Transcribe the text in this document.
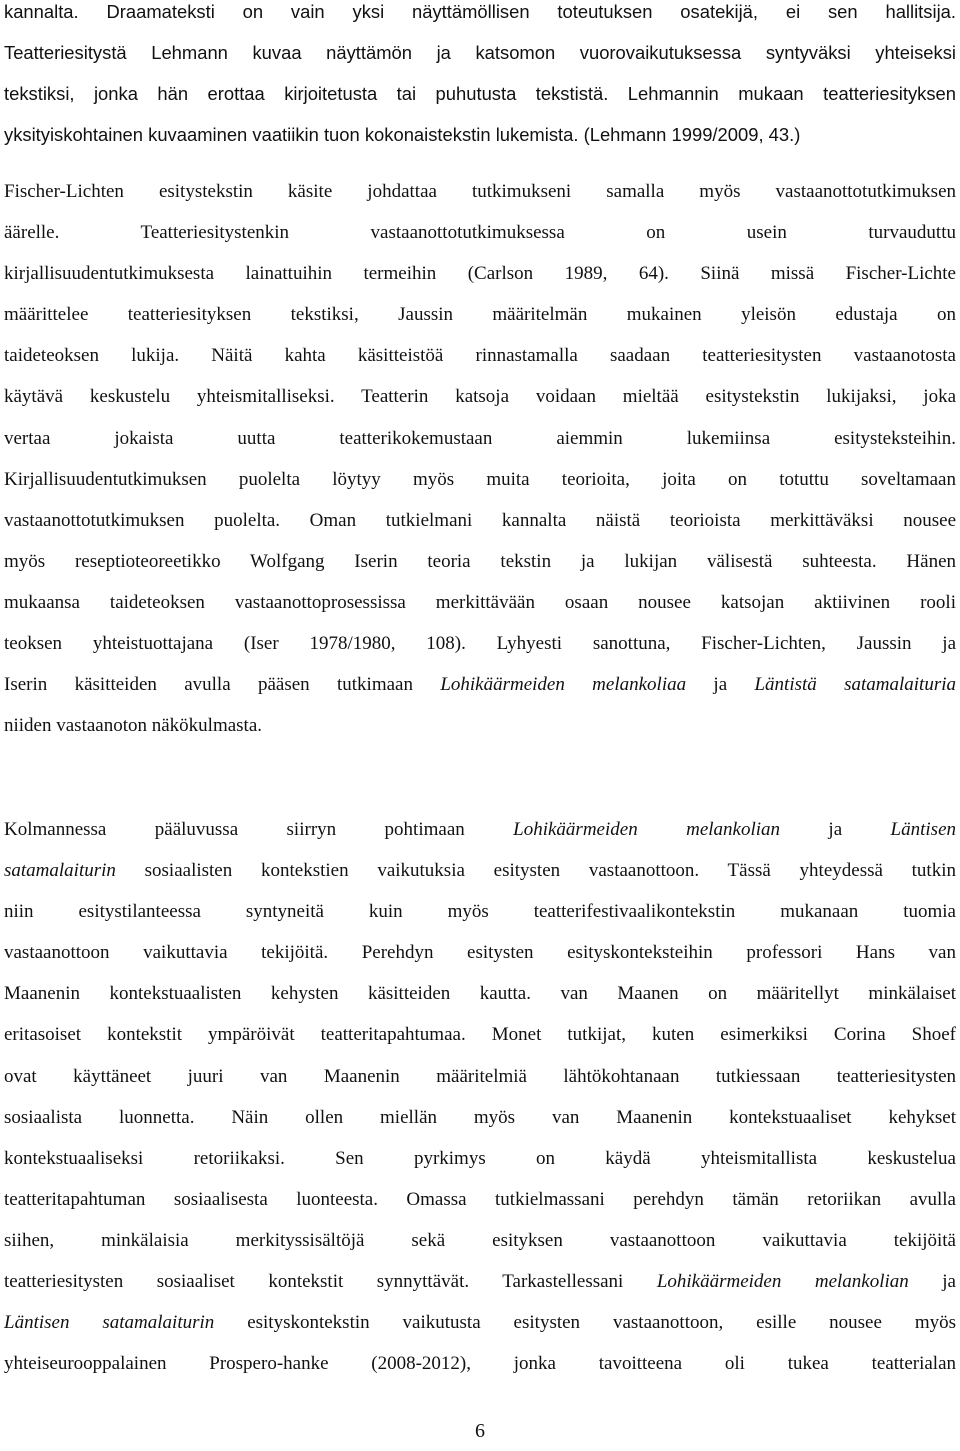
kannalta. Draamateksti on vain yksi näyttämöllisen toteutuksen osatekijä, ei sen hallitsija.
Teatteriesitystä Lehmann kuvaa näyttämön ja katsomon vuorovaikutuksessa syntyväksi yhteiseksi
tekstiksi, jonka hän erottaa kirjoitetusta tai puhutusta tekstistä. Lehmannin mukaan teatteriesityksen
yksityiskohtainen kuvaaminen vaatiikin tuon kokonaistekstin lukemista. (Lehmann 1999/2009, 43.)

Fischer-Lichten esitystekstin käsite johdattaa tutkimukseni samalla myös vastaanottotutkimuksen
äärelle. Teatteriesitystenkin vastaanottotutkimuksessa on usein turvauduttu
kirjallisuudentutkimuksesta lainattuihin termeihin (Carlson 1989, 64). Siinä missä Fischer-Lichte
määrittelee teatteriesityksen tekstiksi, Jaussin määritelmän mukainen yleisön edustaja on
taideteoksen lukija. Näitä kahta käsitteistöä rinnastamalla saadaan teatteriesitysten vastaanotosta
käytävä keskustelu yhteismitalliseksi. Teatterin katsoja voidaan mieltää esitystekstin lukijaksi, joka
vertaa jokaista uutta teatterikokemustaan aiemmin lukemiinsa esitysteksteihin.
Kirjallisuudentutkimuksen puolelta löytyy myös muita teorioita, joita on totuttu soveltamaan
vastaanottotutkimuksen puolelta. Oman tutkielmani kannalta näistä teorioista merkittäväksi nousee
myös reseptioteoreetikko Wolfgang Iserin teoria tekstin ja lukijan välisestä suhteesta. Hänen
mukaansa taideteoksen vastaanottoprosessissa merkittävään osaan nousee katsojan aktiivinen rooli
teoksen yhteistuottajana (Iser 1978/1980, 108). Lyhyesti sanottuna, Fischer-Lichten, Jaussin ja
Iserin käsitteiden avulla pääsen tutkimaan Lohikäärmeiden melankoliaa ja Läntistä satamalaituria
niiden vastaanoton näkökulmasta.

Kolmannessa pääluvussa siirryn pohtimaan Lohikäärmeiden melankolian ja Läntisen
satamalaiturin sosiaalisten kontekstien vaikutuksia esitysten vastaanottoon. Tässä yhteydessä tutkin
niin esitystilanteessa syntyneitä kuin myös teatterifestivaalikontekstin mukanaan tuomia
vastaanottoon vaikuttavia tekijöitä. Perehdyn esitysten esityskonteksteihin professori Hans van
Maanenin kontekstuaalisten kehysten käsitteiden kautta. van Maanen on määritellyt minkälaiset
eritasoiset kontekstit ympäröivät teatteritapahtumaa. Monet tutkijat, kuten esimerkiksi Corina Shoef
ovat käyttäneet juuri van Maanenin määritelmiä lähtökohtanaan tutkiessaan teatteriesitysten
sosiaalista luonnetta. Näin ollen miellän myös van Maanenin kontekstuaaliset kehykset
kontekstuaaliseksi retoriikaksi. Sen pyrkimys on käydä yhteismitallista keskustelua
teatteritapahtuman sosiaalisesta luonteesta. Omassa tutkielmassani perehdyn tämän retoriikan avulla
siihen, minkälaisia merkityssisältöjä sekä esityksen vastaanottoon vaikuttavia tekijöitä
teatteriesitysten sosiaaliset kontekstit synnyttävät. Tarkastellessani Lohikäärmeiden melankolian ja
Läntisen satamalaiturin esityskontekstin vaikutusta esitysten vastaanottoon, esille nousee myös
yhteiseurooppalainen Prospero-hanke (2008-2012), jonka tavoitteena oli tukea teatterialan

6
